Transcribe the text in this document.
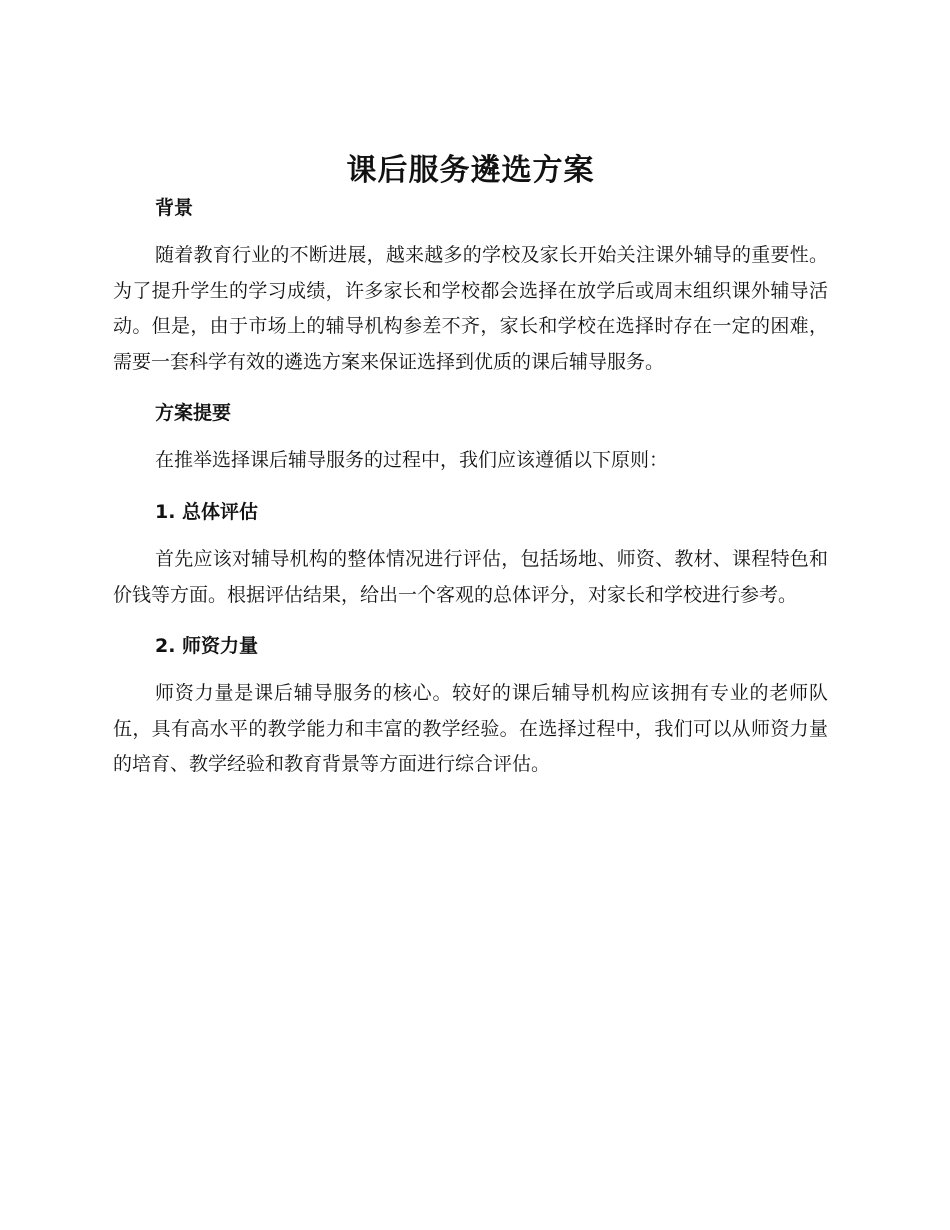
课后服务遴选方案
背景

随着教育行业的不断进展，越来越多的学校及家长开始关注课外辅导的重要性。为了提升学生的学习成绩，许多家长和学校都会选择在放学后或周末组织课外辅导活动。但是，由于市场上的辅导机构参差不齐，家长和学校在选择时存在一定的困难，需要一套科学有效的遴选方案来保证选择到优质的课后辅导服务。

方案提要

在推举选择课后辅导服务的过程中，我们应该遵循以下原则：

1. 总体评估

首先应该对辅导机构的整体情况进行评估，包括场地、师资、教材、课程特色和价钱等方面。根据评估结果，给出一个客观的总体评分，对家长和学校进行参考。

2. 师资力量

师资力量是课后辅导服务的核心。较好的课后辅导机构应该拥有专业的老师队伍，具有高水平的教学能力和丰富的教学经验。在选择过程中，我们可以从师资力量的培育、教学经验和教育背景等方面进行综合评估。
